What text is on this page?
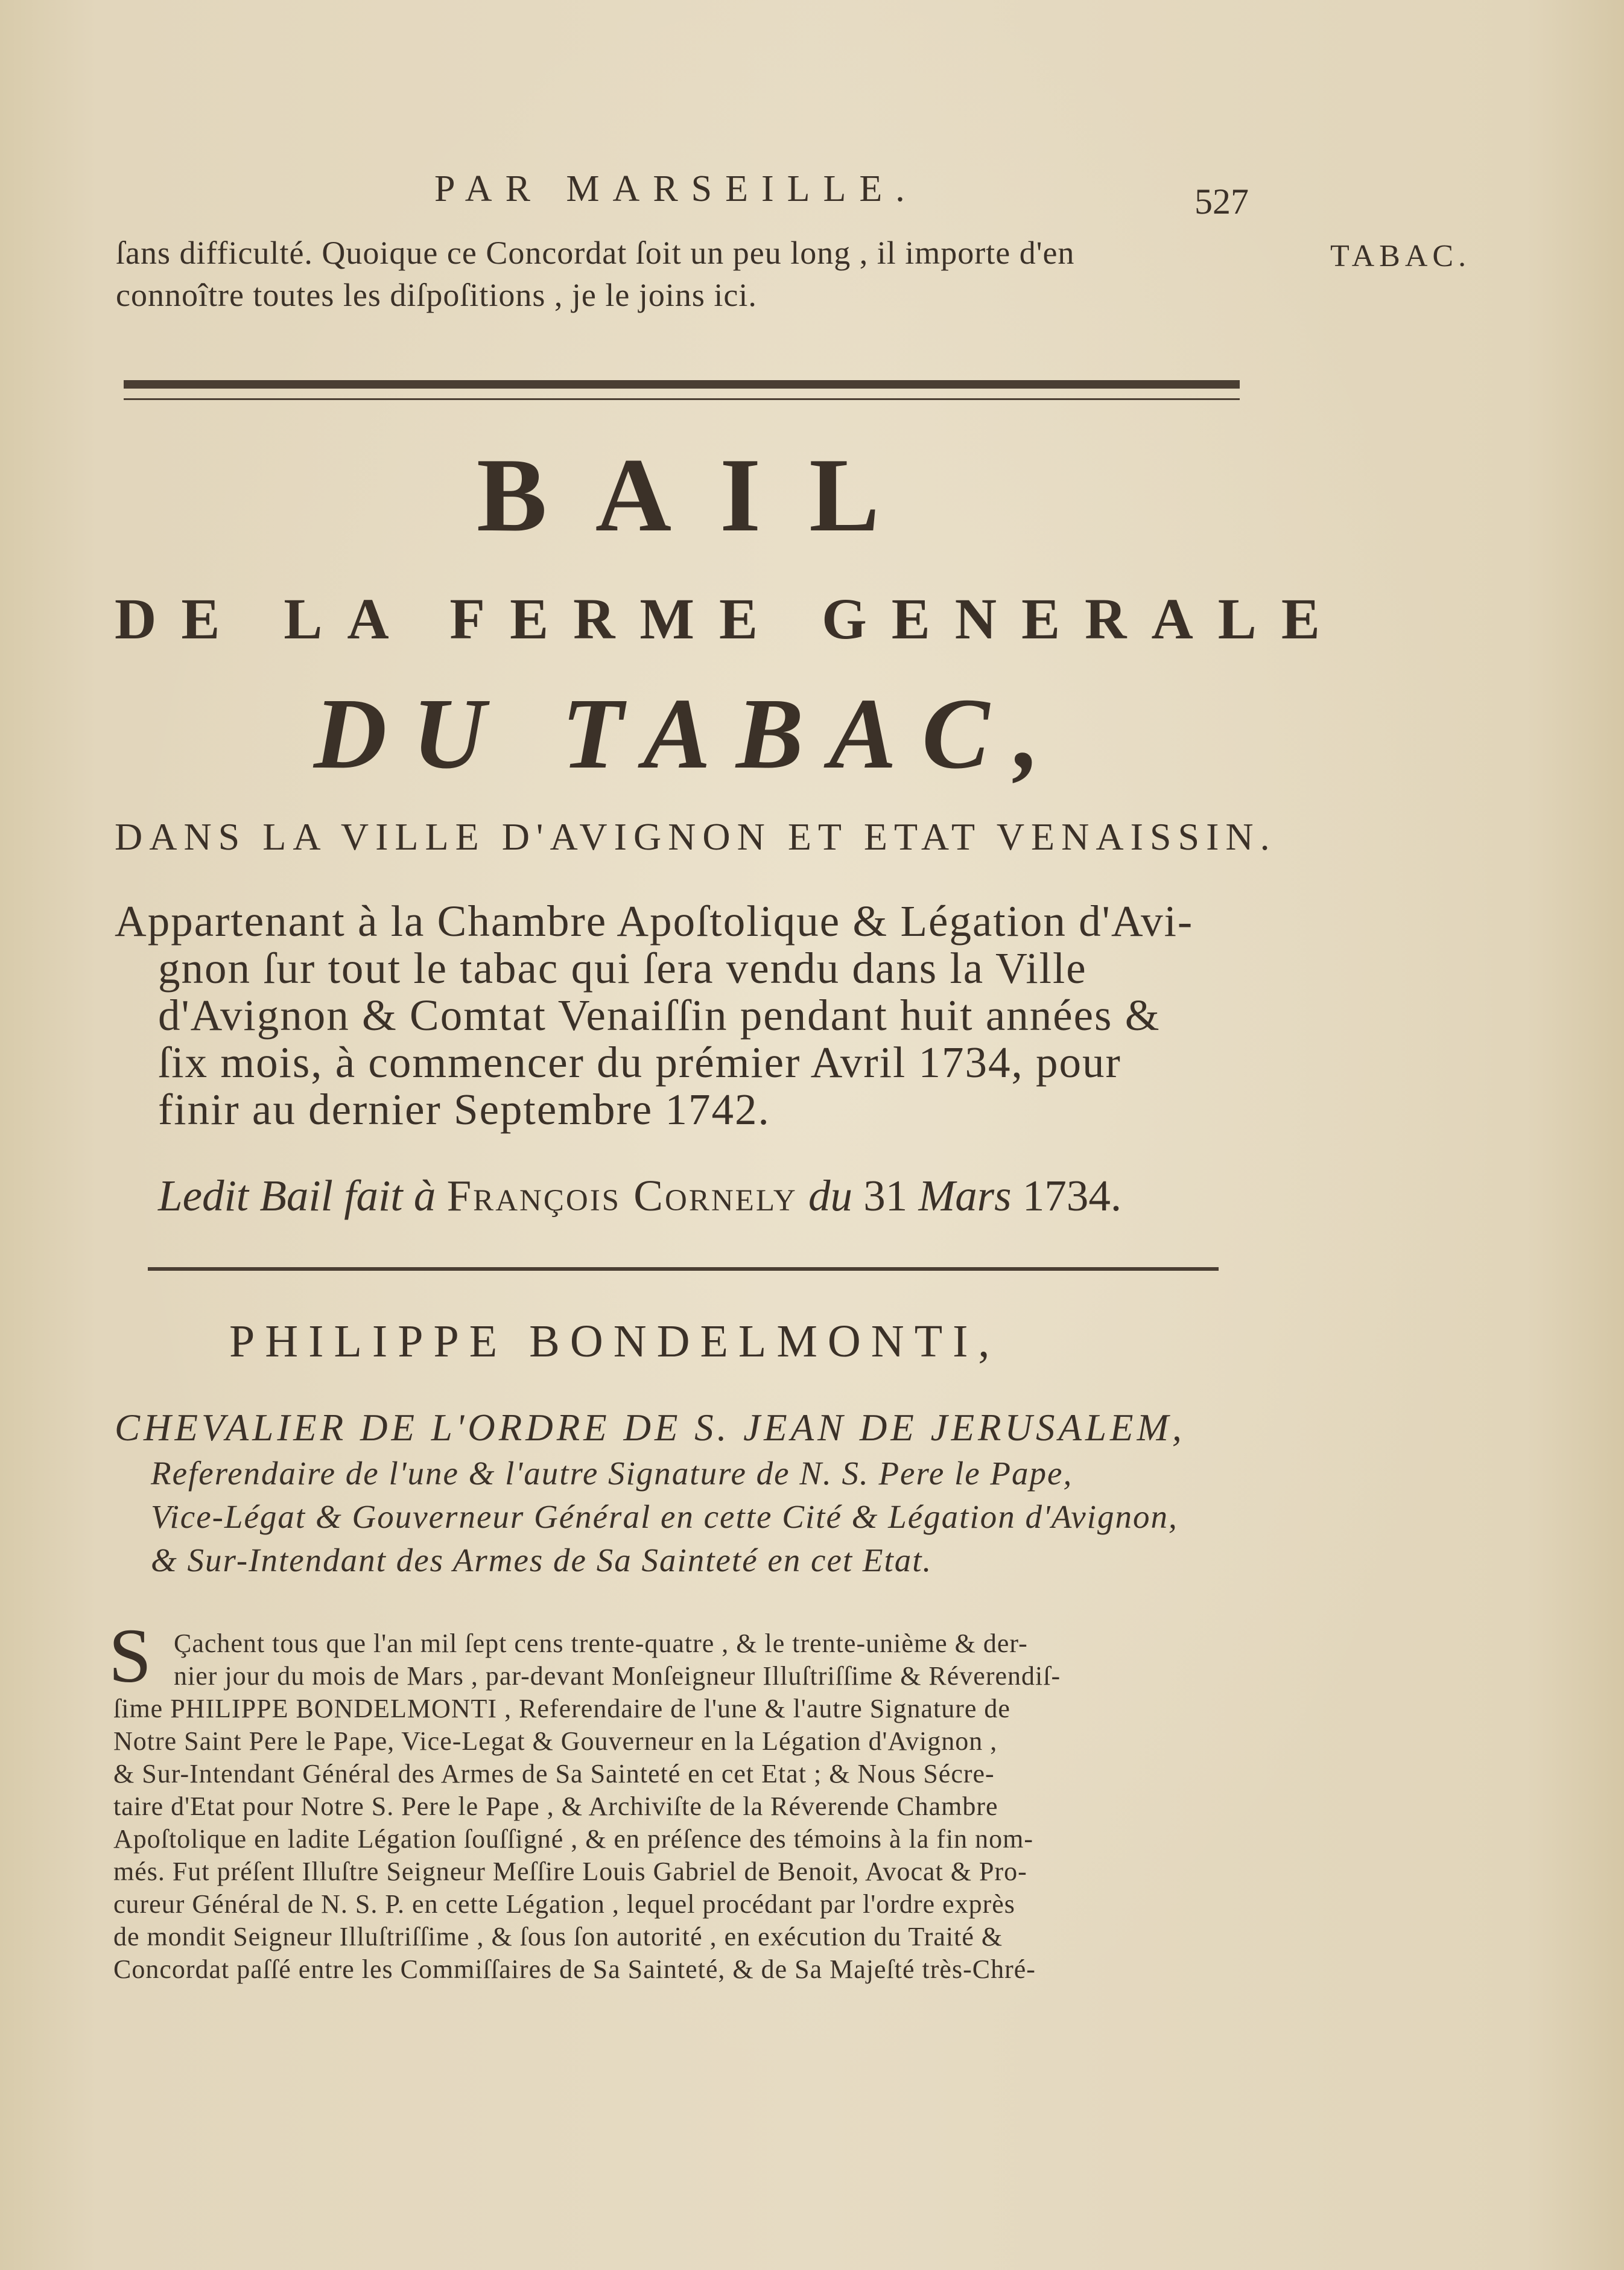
PAR MARSEILLE.	527
TABAC.
ſans difficulté. Quoique ce Concordat ſoit un peu long , il importe d'en
connoître toutes les diſpoſitions , je le joins ici.
BAIL
DE LA FERME GENERALE
DU TABAC,
DANS LA VILLE D'AVIGNON ET ETAT VENAISSIN.
Appartenant à la Chambre Apoſtolique & Légation d'Avi-
gnon ſur tout le tabac qui ſera vendu dans la Ville
d'Avignon & Comtat Venaiſſin pendant huit années &
ſix mois, à commencer du prémier Avril 1734, pour
finir au dernier Septembre 1742.
Ledit Bail fait à François Cornely du 31 Mars 1734.
PHILIPPE BONDELMONTI,
CHEVALIER DE L'ORDRE DE S. JEAN DE JERUSALEM,
Referendaire de l'une & l'autre Signature de N. S. Pere le Pape,
Vice-Légat & Gouverneur Général en cette Cité & Légation d'Avignon,
& Sur-Intendant des Armes de Sa Sainteté en cet Etat.
S Çachent tous que l'an mil ſept cens trente-quatre , & le trente-unième & der-
nier jour du mois de Mars , par-devant Monſeigneur Illuſtriſſime & Réverendiſ-
ſime PHILIPPE BONDELMONTI , Referendaire de l'une & l'autre Signature de
Notre Saint Pere le Pape, Vice-Legat & Gouverneur en la Légation d'Avignon ,
& Sur-Intendant Général des Armes de Sa Sainteté en cet Etat ; & Nous Sécre-
taire d'Etat pour Notre S. Pere le Pape , & Archiviſte de la Réverende Chambre
Apoſtolique en ladite Légation ſouſſigné , & en préſence des témoins à la fin nom-
més. Fut préſent Illuſtre Seigneur Meſſire Louis Gabriel de Benoit, Avocat & Pro-
cureur Général de N. S. P. en cette Légation , lequel procédant par l'ordre exprès
de mondit Seigneur Illuſtriſſime , & ſous ſon autorité , en exécution du Traité &
Concordat paſſé entre les Commiſſaires de Sa Sainteté, & de Sa Majeſté très-Chré-
